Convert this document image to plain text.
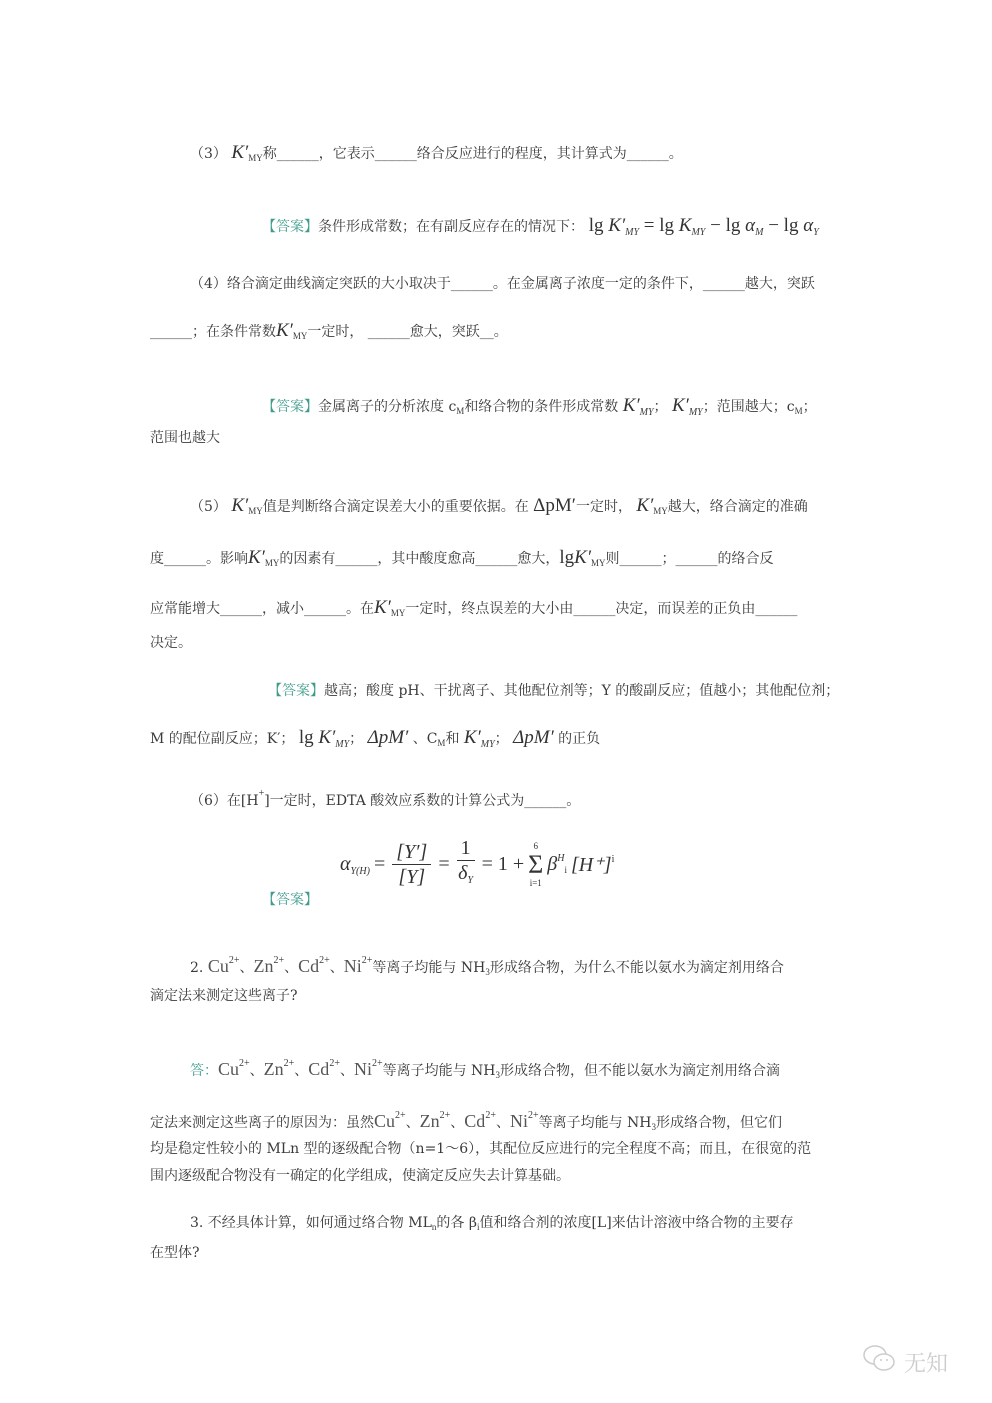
（3） $K'_{MY}$称______，它表示______络合反应进行的程度，其计算式为______。
【答案】条件形成常数；在有副反应存在的情况下： $\lg K'_{MY} = \lg K_{MY} - \lg \alpha_M - \lg \alpha_Y$
（4）络合滴定曲线滴定突跃的大小取决于______。在金属离子浓度一定的条件下，______越大，突跃
______；在条件常数$K'_{MY}$一定时， ______愈大，突跃__。
【答案】金属离子的分析浓度 $c_M$和络合物的条件形成常数 $K'_{MY}$； $K'_{MY}$；范围越大；$c_M$；
范围也越大
（5） $K'_{MY}$值是判断络合滴定误差大小的重要依据。在 ΔpM′一定时， $K'_{MY}$越大，络合滴定的准确
度______。影响$K'_{MY}$的因素有______，其中酸度愈高______愈大，$\lg K'_{MY}$则______；______的络合反
应常能增大______，减小______。在$K'_{MY}$一定时，终点误差的大小由______决定，而误差的正负由______
决定。
【答案】越高；酸度 pH、干扰离子、其他配位剂等；Y 的酸副反应；值越小；其他配位剂；
M 的配位副反应；K′； $\lg K'_{MY}$； ΔpM′ 、$C_M$和 $K'_{MY}$； ΔpM′ 的正负
（6）在[H+]一定时，EDTA 酸效应系数的计算公式为______。
【答案】
2. $Cu^{2+}$、$Zn^{2+}$、$Cd^{2+}$、$Ni^{2+}$等离子均能与 $NH_3$形成络合物，为什么不能以氨水为滴定剂用络合
滴定法来测定这些离子?
答：$Cu^{2+}$、$Zn^{2+}$、$Cd^{2+}$、$Ni^{2+}$等离子均能与 $NH_3$形成络合物，但不能以氨水为滴定剂用络合滴
定法来测定这些离子的原因为：虽然$Cu^{2+}$、$Zn^{2+}$、$Cd^{2+}$、$Ni^{2+}$等离子均能与 $NH_3$形成络合物，但它们
均是稳定性较小的 MLn 型的逐级配合物（n=1～6），其配位反应进行的完全程度不高；而且，在很宽的范
围内逐级配合物没有一确定的化学组成，使滴定反应失去计算基础。
3. 不经具体计算，如何通过络合物 $ML_n$的各 $\beta_i$值和络合剂的浓度[L]来估计溶液中络合物的主要存
在型体?
$\alpha_{Y(H)} = \frac{[Y']}{[Y]} = \frac{1}{\delta_Y} = 1$ +
6
Σ
i=1
$\beta^H_i$ $[H^+]^i$
无知
